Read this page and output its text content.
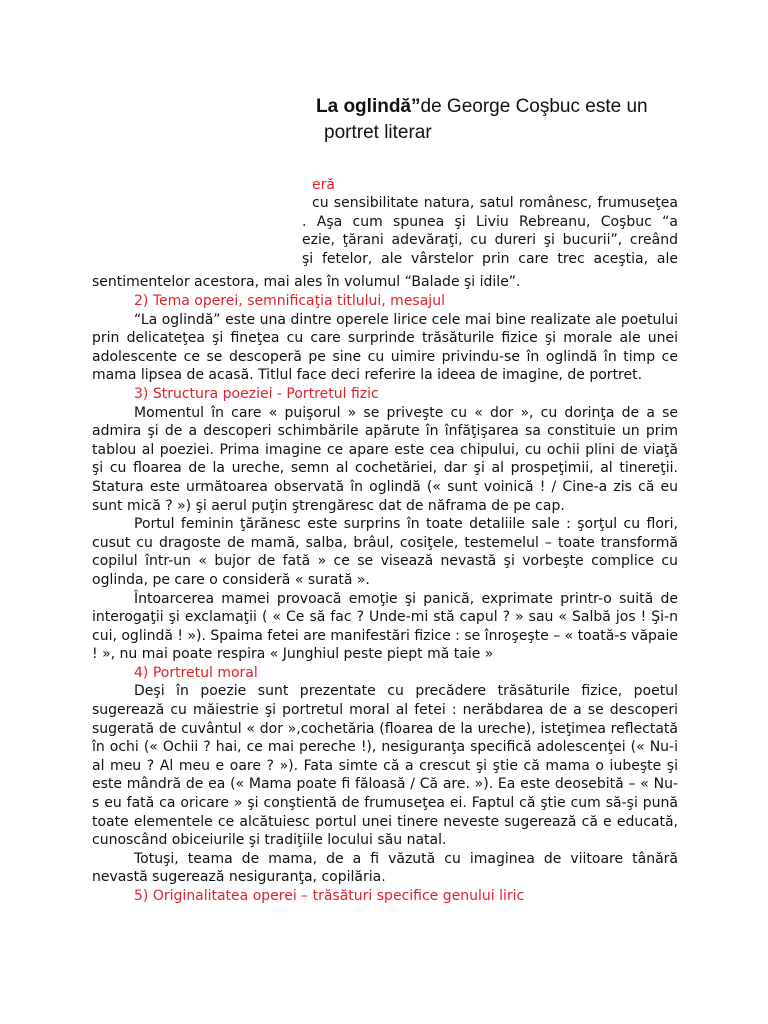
La oglindă”de George Coşbuc este un
portret literar
eră
cu sensibilitate natura, satul românesc, frumuseţea
. Aşa cum spunea şi Liviu Rebreanu, Coşbuc “a
ezie, ţărani adevăraţi, cu dureri şi bucurii”, creând
şi fetelor, ale vârstelor prin care trec aceştia, ale
sentimentelor acestora, mai ales în volumul “Balade şi idile”.

2) Tema operei, semnificaţia titlului, mesajul

“La oglindă” este una dintre operele lirice cele mai bine realizate ale poetului prin delicateţea şi fineţea cu care surprinde trăsăturile fizice şi morale ale unei adolescente ce se descoperă pe sine cu uimire privindu-se în oglindă în timp ce mama lipsea de acasă. Titlul face deci referire la ideea de imagine, de portret.

3) Structura poeziei - Portretul fizic

Momentul în care « puişorul » se priveşte cu « dor », cu dorinţa de a se admira şi de a descoperi schimbările apărute în înfăţişarea sa constituie un prim tablou al poeziei. Prima imagine ce apare este cea chipului, cu ochii plini de viaţă şi cu floarea de la ureche, semn al cochetăriei, dar şi al prospeţimii, al tinereţii. Statura este următoarea observată în oglindă (« sunt voinică ! / Cine-a zis că eu sunt mică ? ») şi aerul puţin ştrengăresc dat de năframa de pe cap.

Portul feminin ţărănesc este surprins în toate detaliile sale : şorţul cu flori, cusut cu dragoste de mamă, salba, brâul, cosiţele, testemelul – toate transformă copilul într-un « bujor de fată » ce se visează nevastă şi vorbeşte complice cu oglinda, pe care o consideră « surată ».

Întoarcerea mamei provoacă emoţie şi panică, exprimate printr-o suită de interogaţii şi exclamaţii ( « Ce să fac ? Unde-mi stă capul ? » sau « Salbă jos ! Şi-n cui, oglindă ! »). Spaima fetei are manifestări fizice : se înroşeşte – « toată-s văpaie ! », nu mai poate respira « Junghiul peste piept mă taie »

4) Portretul moral

Deşi în poezie sunt prezentate cu precădere trăsăturile fizice, poetul sugerează cu măiestrie şi portretul moral al fetei : nerăbdarea de a se descoperi sugerată de cuvântul « dor »,cochetăria (floarea de la ureche), isteţimea reflectată în ochi (« Ochii ? hai, ce mai pereche !), nesiguranţa specifică adolescenţei (« Nu-i al meu ? Al meu e oare ? »). Fata simte că a crescut şi ştie că mama o iubeşte şi este mândră de ea (« Mama poate fi făloasă / Că are. »). Ea este deosebită – « Nu-s eu fată ca oricare » şi conştientă de frumuseţea ei. Faptul că ştie cum să-şi pună toate elementele ce alcătuiesc portul unei tinere neveste sugerează că e educată, cunoscând obiceiurile şi tradiţiile locului său natal.

Totuşi, teama de mama, de a fi văzută cu imaginea de viitoare tânără nevastă sugerează nesiguranţa, copilăria.

5) Originalitatea operei – trăsături specifice genului liric
